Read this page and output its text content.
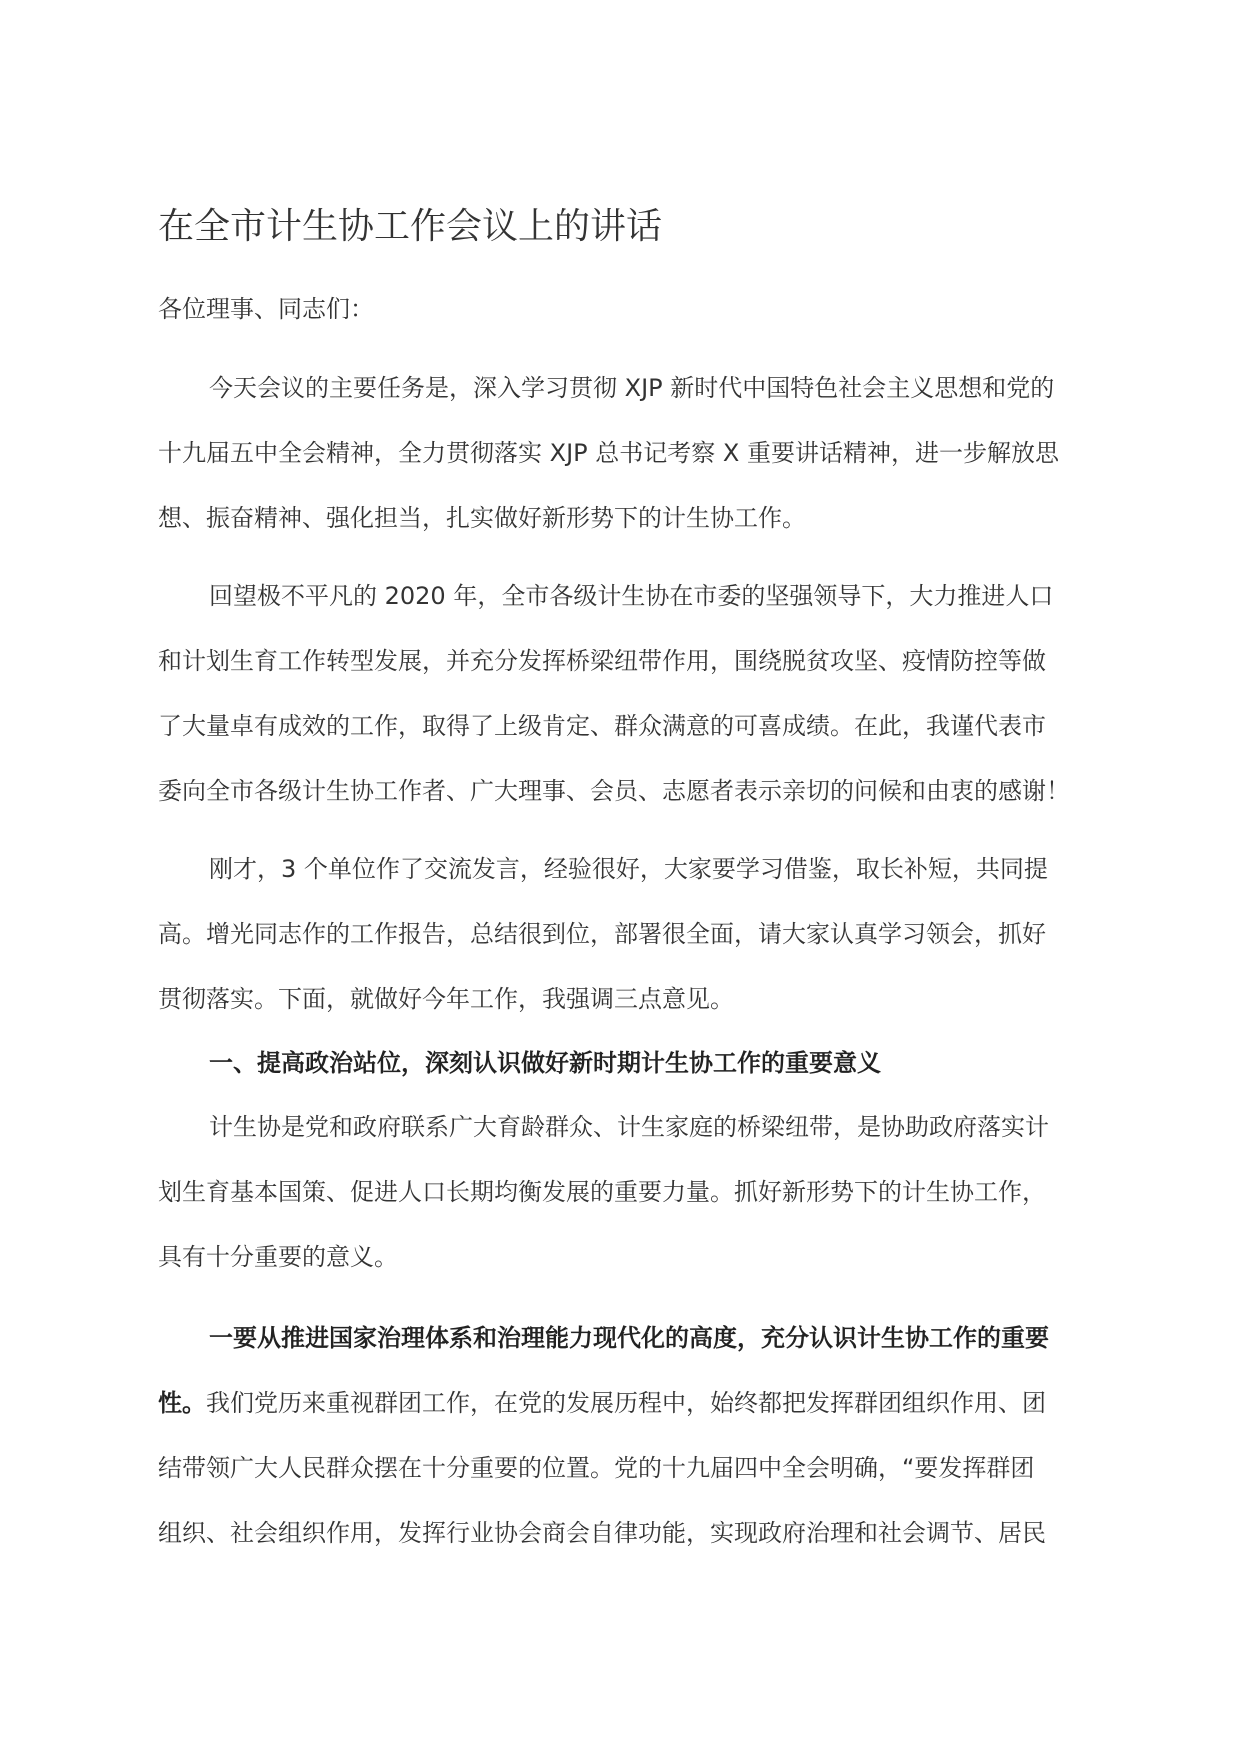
在全市计生协工作会议上的讲话
各位理事、同志们：
今天会议的主要任务是，深入学习贯彻 XJP 新时代中国特色社会主义思想和党的
十九届五中全会精神，全力贯彻落实 XJP 总书记考察 X 重要讲话精神，进一步解放思
想、振奋精神、强化担当，扎实做好新形势下的计生协工作。
回望极不平凡的 2020 年，全市各级计生协在市委的坚强领导下，大力推进人口
和计划生育工作转型发展，并充分发挥桥梁纽带作用，围绕脱贫攻坚、疫情防控等做
了大量卓有成效的工作，取得了上级肯定、群众满意的可喜成绩。在此，我谨代表市
委向全市各级计生协工作者、广大理事、会员、志愿者表示亲切的问候和由衷的感谢！
刚才，3 个单位作了交流发言，经验很好，大家要学习借鉴，取长补短，共同提
高。增光同志作的工作报告，总结很到位，部署很全面，请大家认真学习领会，抓好
贯彻落实。下面，就做好今年工作，我强调三点意见。
一、提高政治站位，深刻认识做好新时期计生协工作的重要意义
计生协是党和政府联系广大育龄群众、计生家庭的桥梁纽带，是协助政府落实计
划生育基本国策、促进人口长期均衡发展的重要力量。抓好新形势下的计生协工作，
具有十分重要的意义。
一要从推进国家治理体系和治理能力现代化的高度，充分认识计生协工作的重要
性。我们党历来重视群团工作，在党的发展历程中，始终都把发挥群团组织作用、团
结带领广大人民群众摆在十分重要的位置。党的十九届四中全会明确，“要发挥群团
组织、社会组织作用，发挥行业协会商会自律功能，实现政府治理和社会调节、居民
